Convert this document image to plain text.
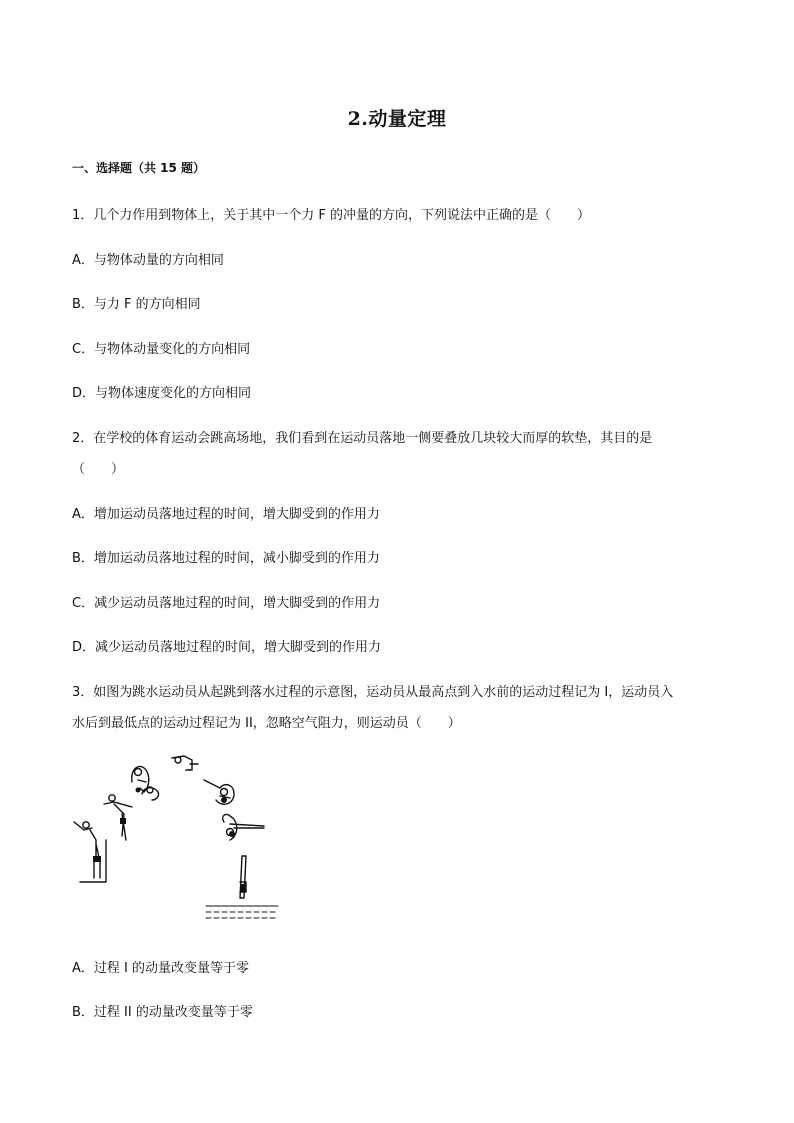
2.动量定理
一、选择题（共 15 题）
1．几个力作用到物体上，关于其中一个力 F 的冲量的方向，下列说法中正确的是（　　）
A．与物体动量的方向相同
B．与力 F 的方向相同
C．与物体动量变化的方向相同
D．与物体速度变化的方向相同
2．在学校的体育运动会跳高场地，我们看到在运动员落地一侧要叠放几块较大而厚的软垫，其目的是
（　　）
A．增加运动员落地过程的时间，增大脚受到的作用力
B．增加运动员落地过程的时间，减小脚受到的作用力
C．减少运动员落地过程的时间，增大脚受到的作用力
D．减少运动员落地过程的时间，增大脚受到的作用力
3．如图为跳水运动员从起跳到落水过程的示意图，运动员从最高点到入水前的运动过程记为 I，运动员入
水后到最低点的运动过程记为 II，忽略空气阻力，则运动员（　　）
A．过程 I 的动量改变量等于零
B．过程 II 的动量改变量等于零
